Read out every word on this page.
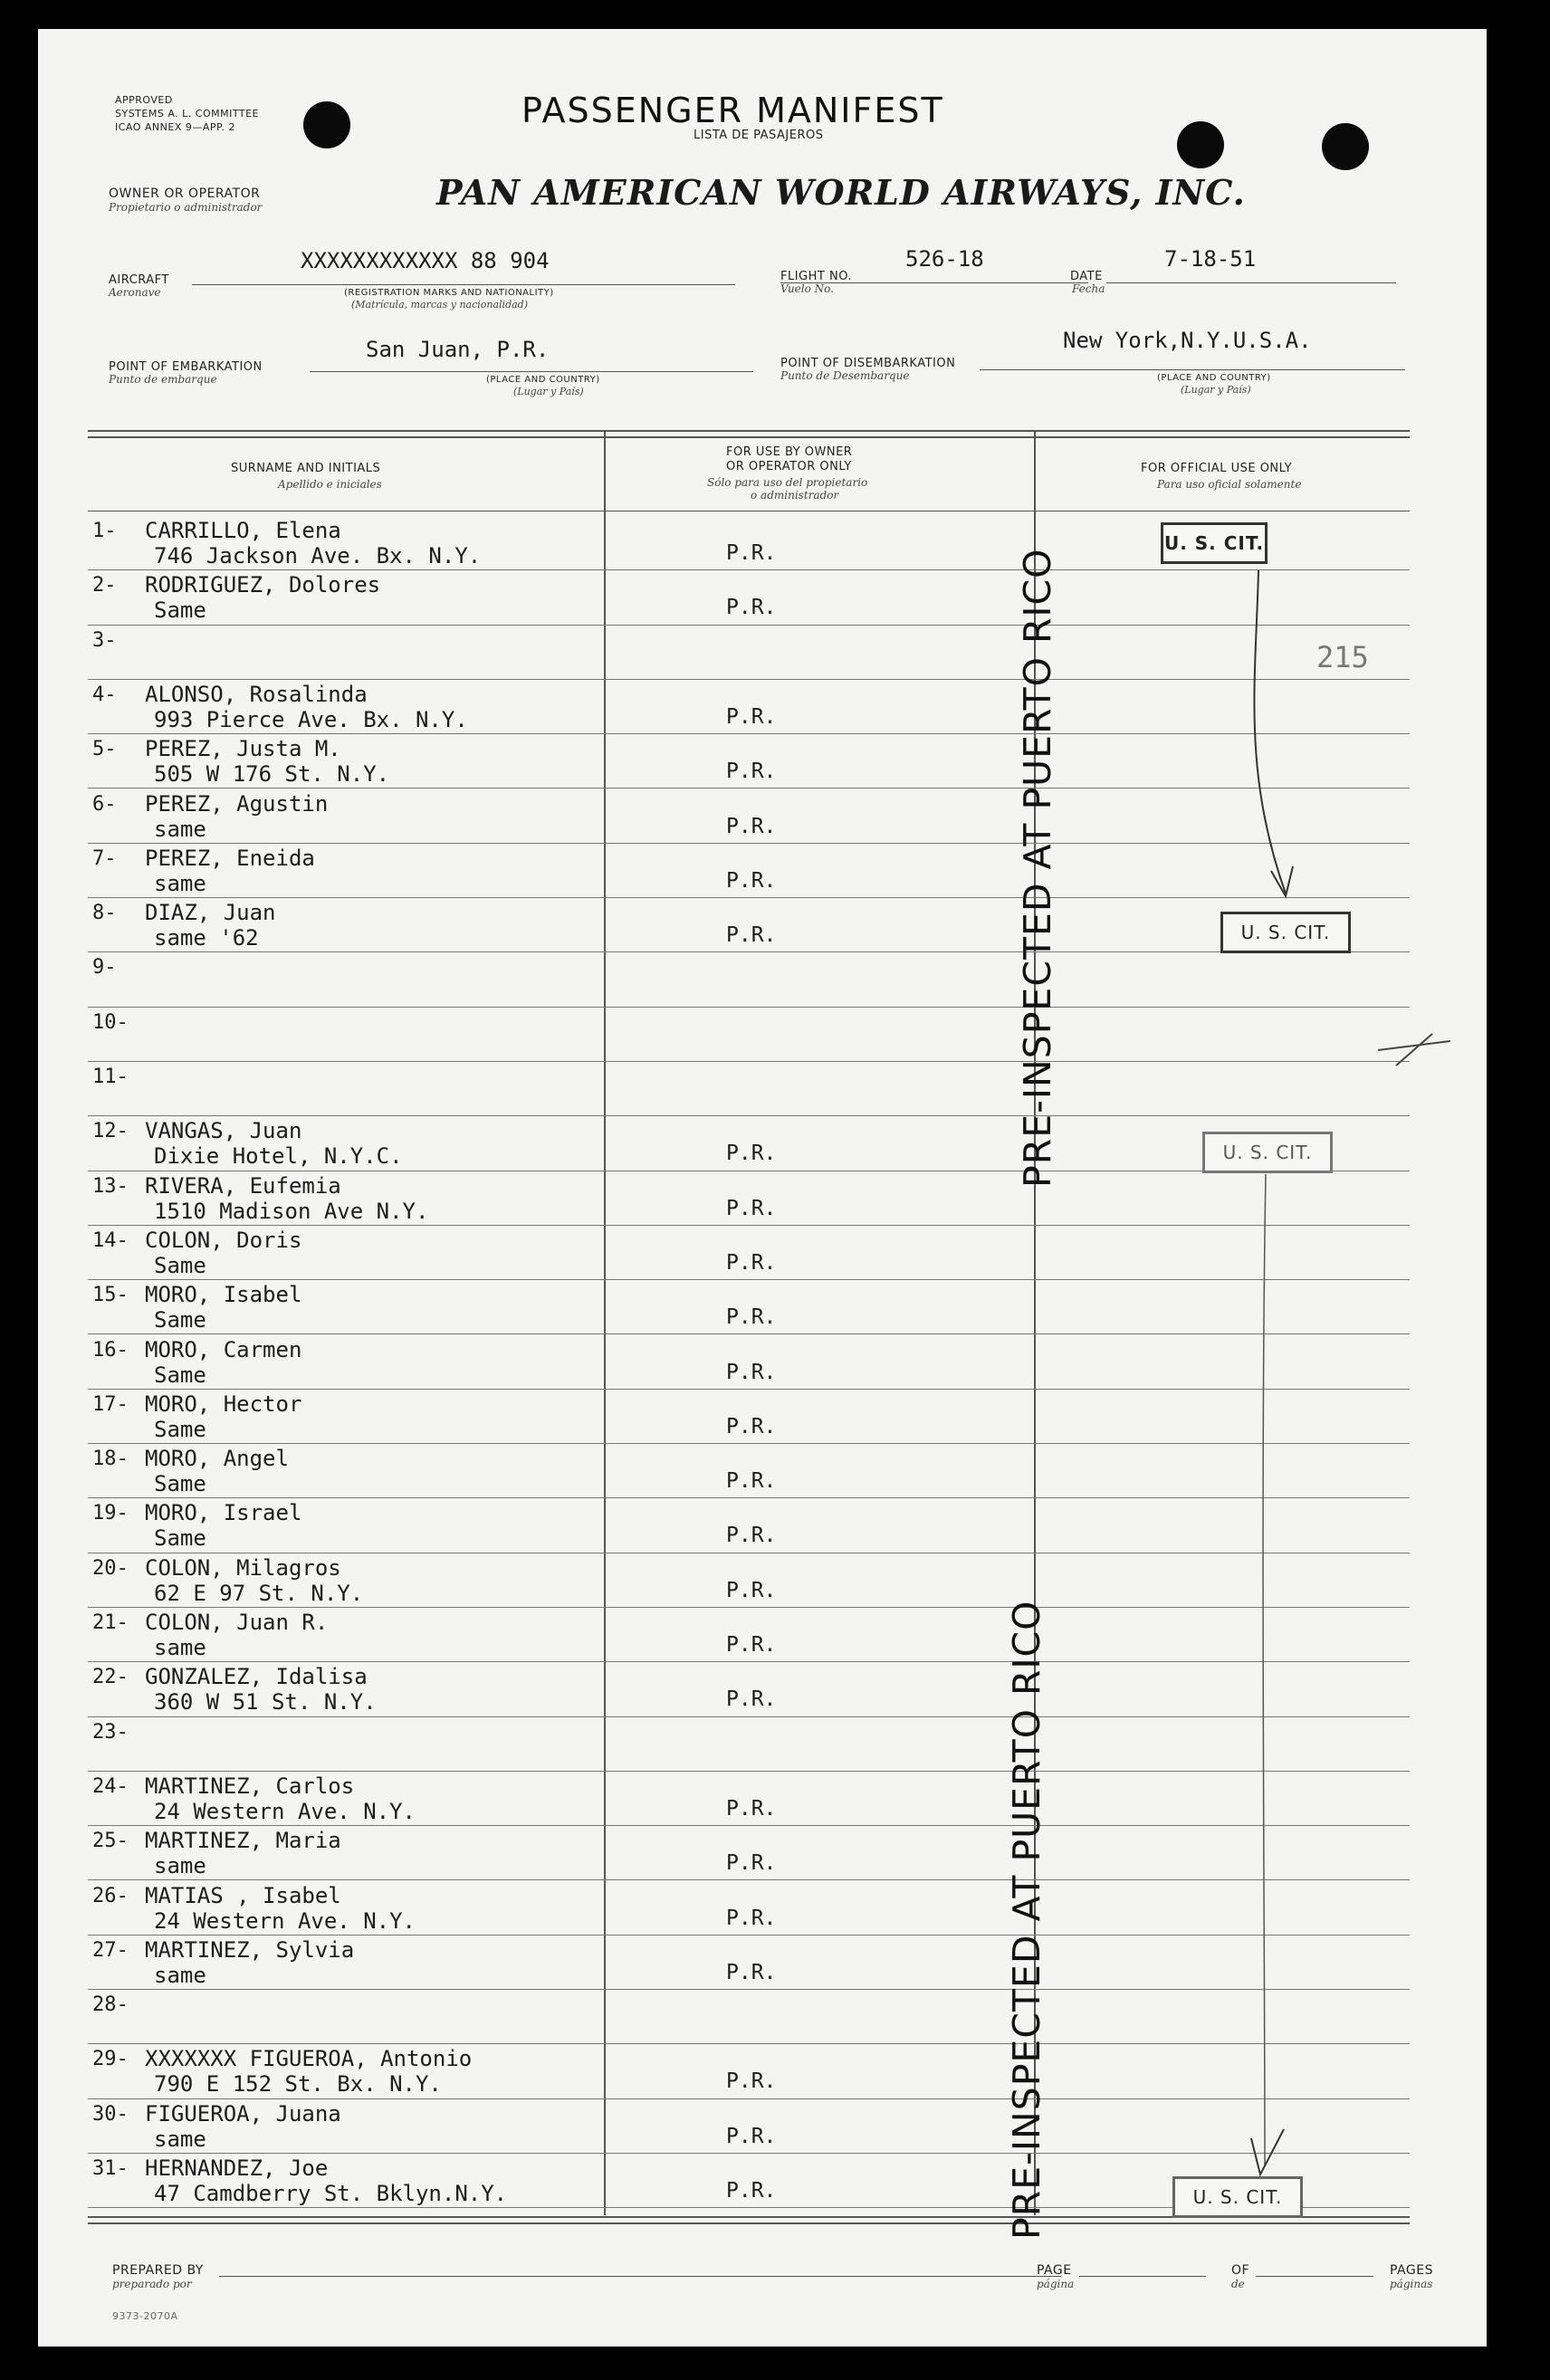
APPROVED
SYSTEMS A. L. COMMITTEE
ICAO ANNEX 9—APP. 2	PASSENGER MANIFEST
LISTA DE PASAJEROS
OWNER OR OPERATOR
Propietario o administrador	PAN AMERICAN WORLD AIRWAYS, INC.
AIRCRAFT
Aeronave
XXXXXXXXXXXX 88 904
(REGISTRATION MARKS AND NATIONALITY)
(Matrícula, marcas y nacionalidad)
FLIGHT NO.
Vuelo No.
526-18
DATE
Fecha
7-18-51
POINT OF EMBARKATION
Punto de embarque
San Juan, P.R.
(PLACE AND COUNTRY)
(Lugar y País)
POINT OF DISEMBARKATION
Punto de Desembarque
New York,N.Y.U.S.A.
(PLACE AND COUNTRY)
(Lugar y País)
SURNAME AND INITIALS
Apellido e iniciales
FOR USE BY OWNER
OR OPERATOR ONLY
Sólo para uso del propietario
o administrador
FOR OFFICIAL USE ONLY
Para uso oficial solamente
1-	CARRILLO, Elena
746 Jackson Ave. Bx. N.Y.	P.R.
2-	RODRIGUEZ, Dolores
Same	P.R.
3-
4-	ALONSO, Rosalinda
993 Pierce Ave. Bx. N.Y.	P.R.
5-	PEREZ, Justa M.
505 W 176 St. N.Y.	P.R.
6-	PEREZ, Agustin
same	P.R.
7-	PEREZ, Eneida
same	P.R.
8-	DIAZ, Juan
same '62	P.R.
9-
10-
11-
12- VANGAS, Juan
Dixie Hotel, N.Y.C.	P.R.
13- RIVERA, Eufemia
1510 Madison Ave N.Y.	P.R.
14- COLON, Doris
Same	P.R.
15- MORO, Isabel
Same	P.R.
16- MORO, Carmen
Same	P.R.
17- MORO, Hector
Same	P.R.
18- MORO, Angel
Same	P.R.
19- MORO, Israel
Same	P.R.
20- COLON, Milagros
62 E 97 St. N.Y.	P.R.
21- COLON, Juan R.
same	P.R.
22- GONZALEZ, Idalisa
360 W 51 St. N.Y.	P.R.
23-
24- MARTINEZ, Carlos
24 Western Ave. N.Y.	P.R.
25- MARTINEZ, Maria
same	P.R.
26- MATIAS , Isabel
24 Western Ave. N.Y.	P.R.
27- MARTINEZ, Sylvia
same	P.R.
28-
29- XXXXXXX FIGUEROA, Antonio
790 E 152 St. Bx. N.Y.	P.R.
30- FIGUEROA, Juana
same	P.R.
31- HERNANDEZ, Joe
47 Camdberry St. Bklyn.N.Y.	P.R.
U. S. CIT.
215
U. S. CIT.
U. S. CIT.
U. S. CIT.
PRE-INSPECTED AT PUERTO RICO
PRE-INSPECTED AT PUERTO RICO
PREPARED BY
preparado por
PAGE
página
OF
de
PAGES
páginas
9373-2070A
